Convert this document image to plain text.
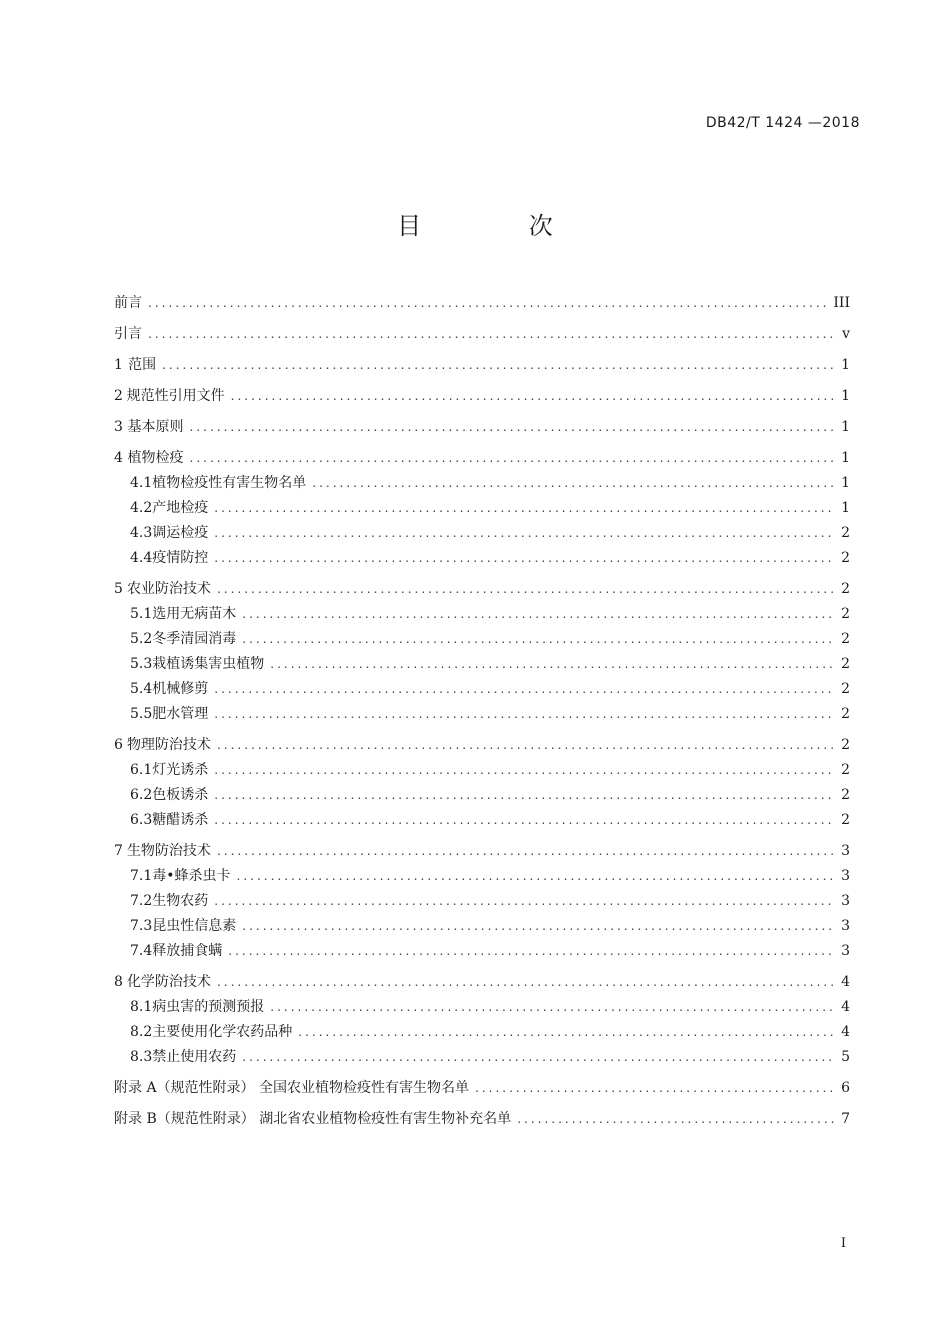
DB42/T 1424 —2018
目 次
前言 .....	III
引言 .....	v
1 范围 .....	1
2 规范性引用文件 .....	1
3 基本原则 .....	1
4 植物检疫 .....	1
4.1 植物检疫性有害生物名单 .....	1
4.2 产地检疫 .....	1
4.3 调运检疫 .....	2
4.4 疫情防控 .....	2
5 农业防治技术 .....	2
5.1 选用无病苗木 .....	2
5.2 冬季清园消毒 .....	2
5.3 栽植诱集害虫植物 .....	2
5.4 机械修剪 .....	2
5.5 肥水管理 .....	2
6 物理防治技术 .....	2
6.1 灯光诱杀 .....	2
6.2 色板诱杀 .....	2
6.3 糖醋诱杀 .....	2
7 生物防治技术 .....	3
7.1 毒•蜂杀虫卡 .....	3
7.2 生物农药 .....	3
7.3 昆虫性信息素 .....	3
7.4 释放捕食螨 .....	3
8 化学防治技术 .....	4
8.1 病虫害的预测预报 .....	4
8.2 主要使用化学农药品种 .....	4
8.3 禁止使用农药 .....	5
附录 A（规范性附录） 全国农业植物检疫性有害生物名单 .....	6
附录 B（规范性附录） 湖北省农业植物检疫性有害生物补充名单 .....	7
I
